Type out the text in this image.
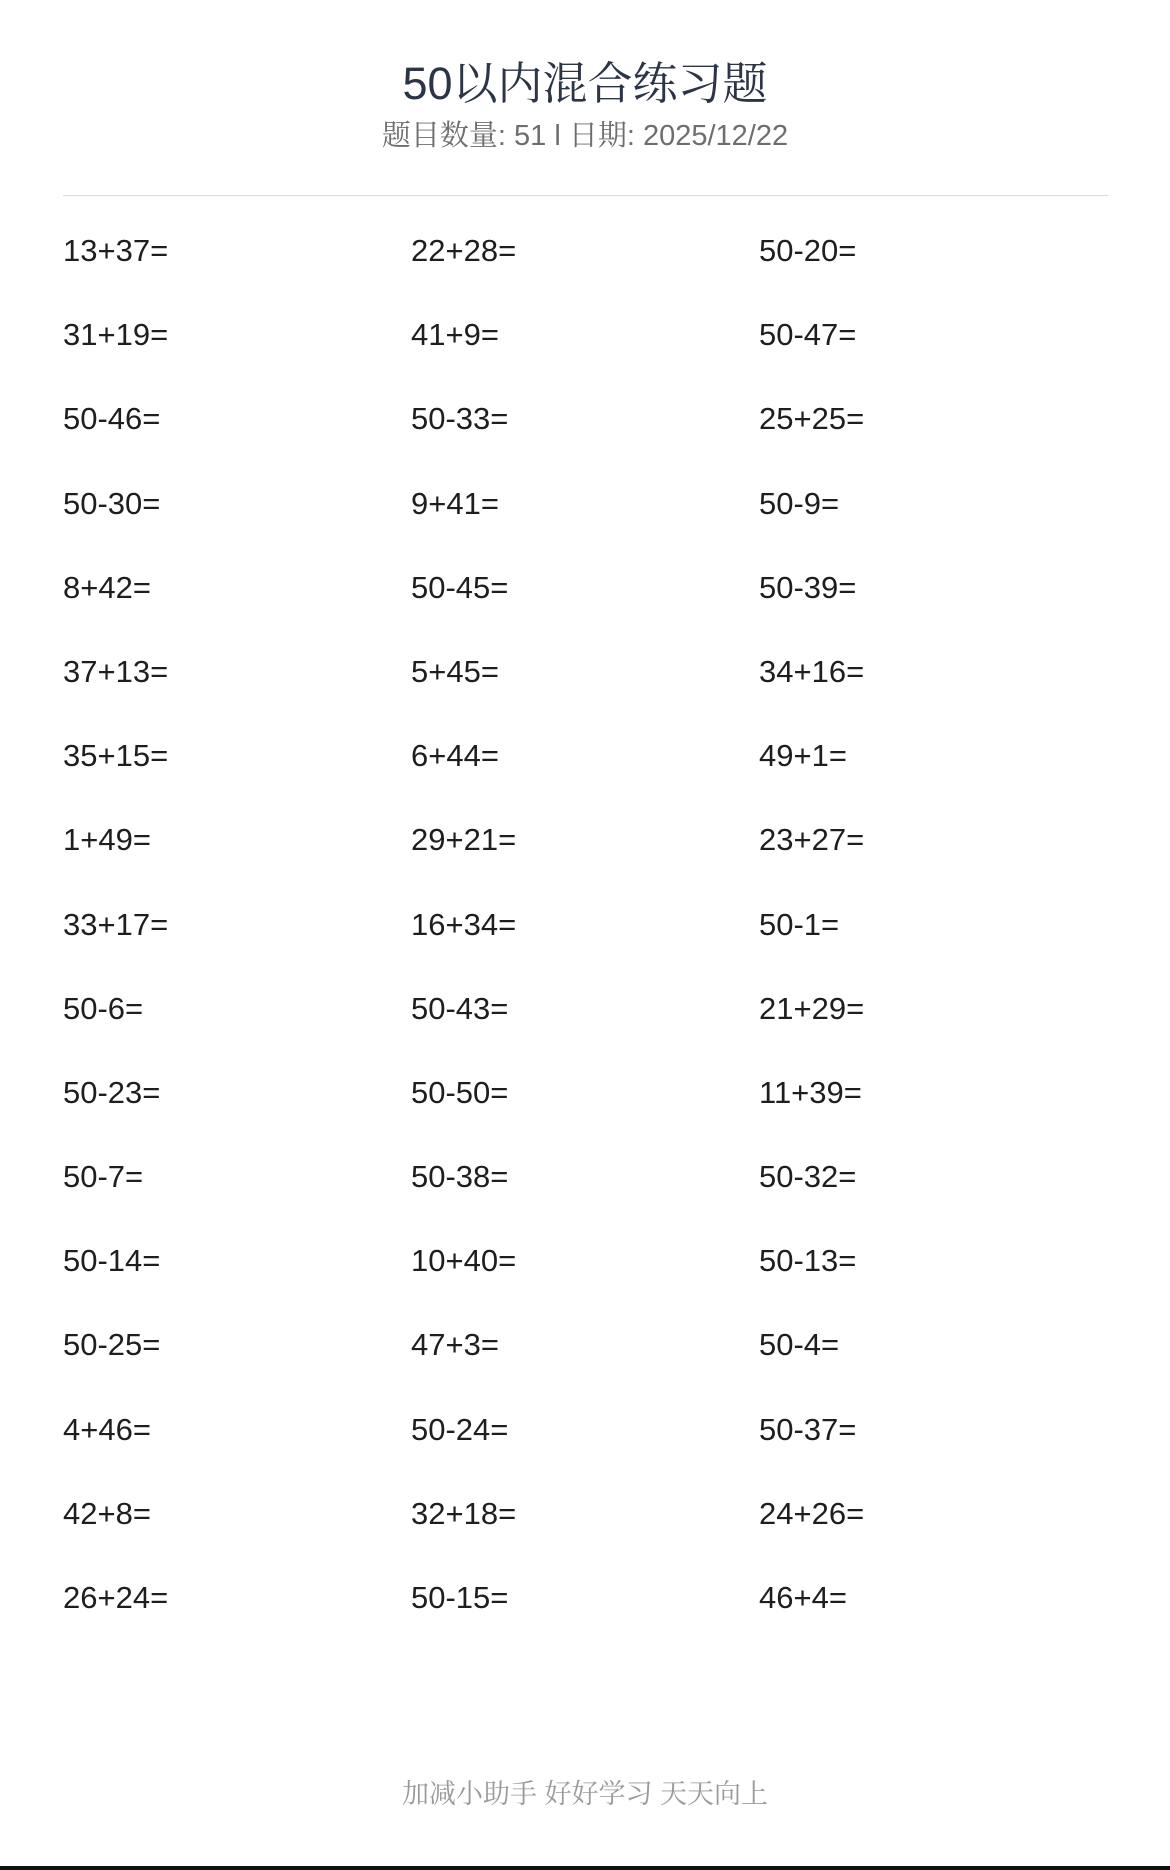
50以内混合练习题
题目数量: 51 l 日期: 2025/12/22
13+37=	22+28=	50-20=
31+19=	41+9=	50-47=
50-46=	50-33=	25+25=
50-30=	9+41=	50-9=
8+42=	50-45=	50-39=
37+13=	5+45=	34+16=
35+15=	6+44=	49+1=
1+49=	29+21=	23+27=
33+17=	16+34=	50-1=
50-6=	50-43=	21+29=
50-23=	50-50=	11+39=
50-7=	50-38=	50-32=
50-14=	10+40=	50-13=
50-25=	47+3=	50-4=
4+46=	50-24=	50-37=
42+8=	32+18=	24+26=
26+24=	50-15=	46+4=
加减小助手 好好学习 天天向上
